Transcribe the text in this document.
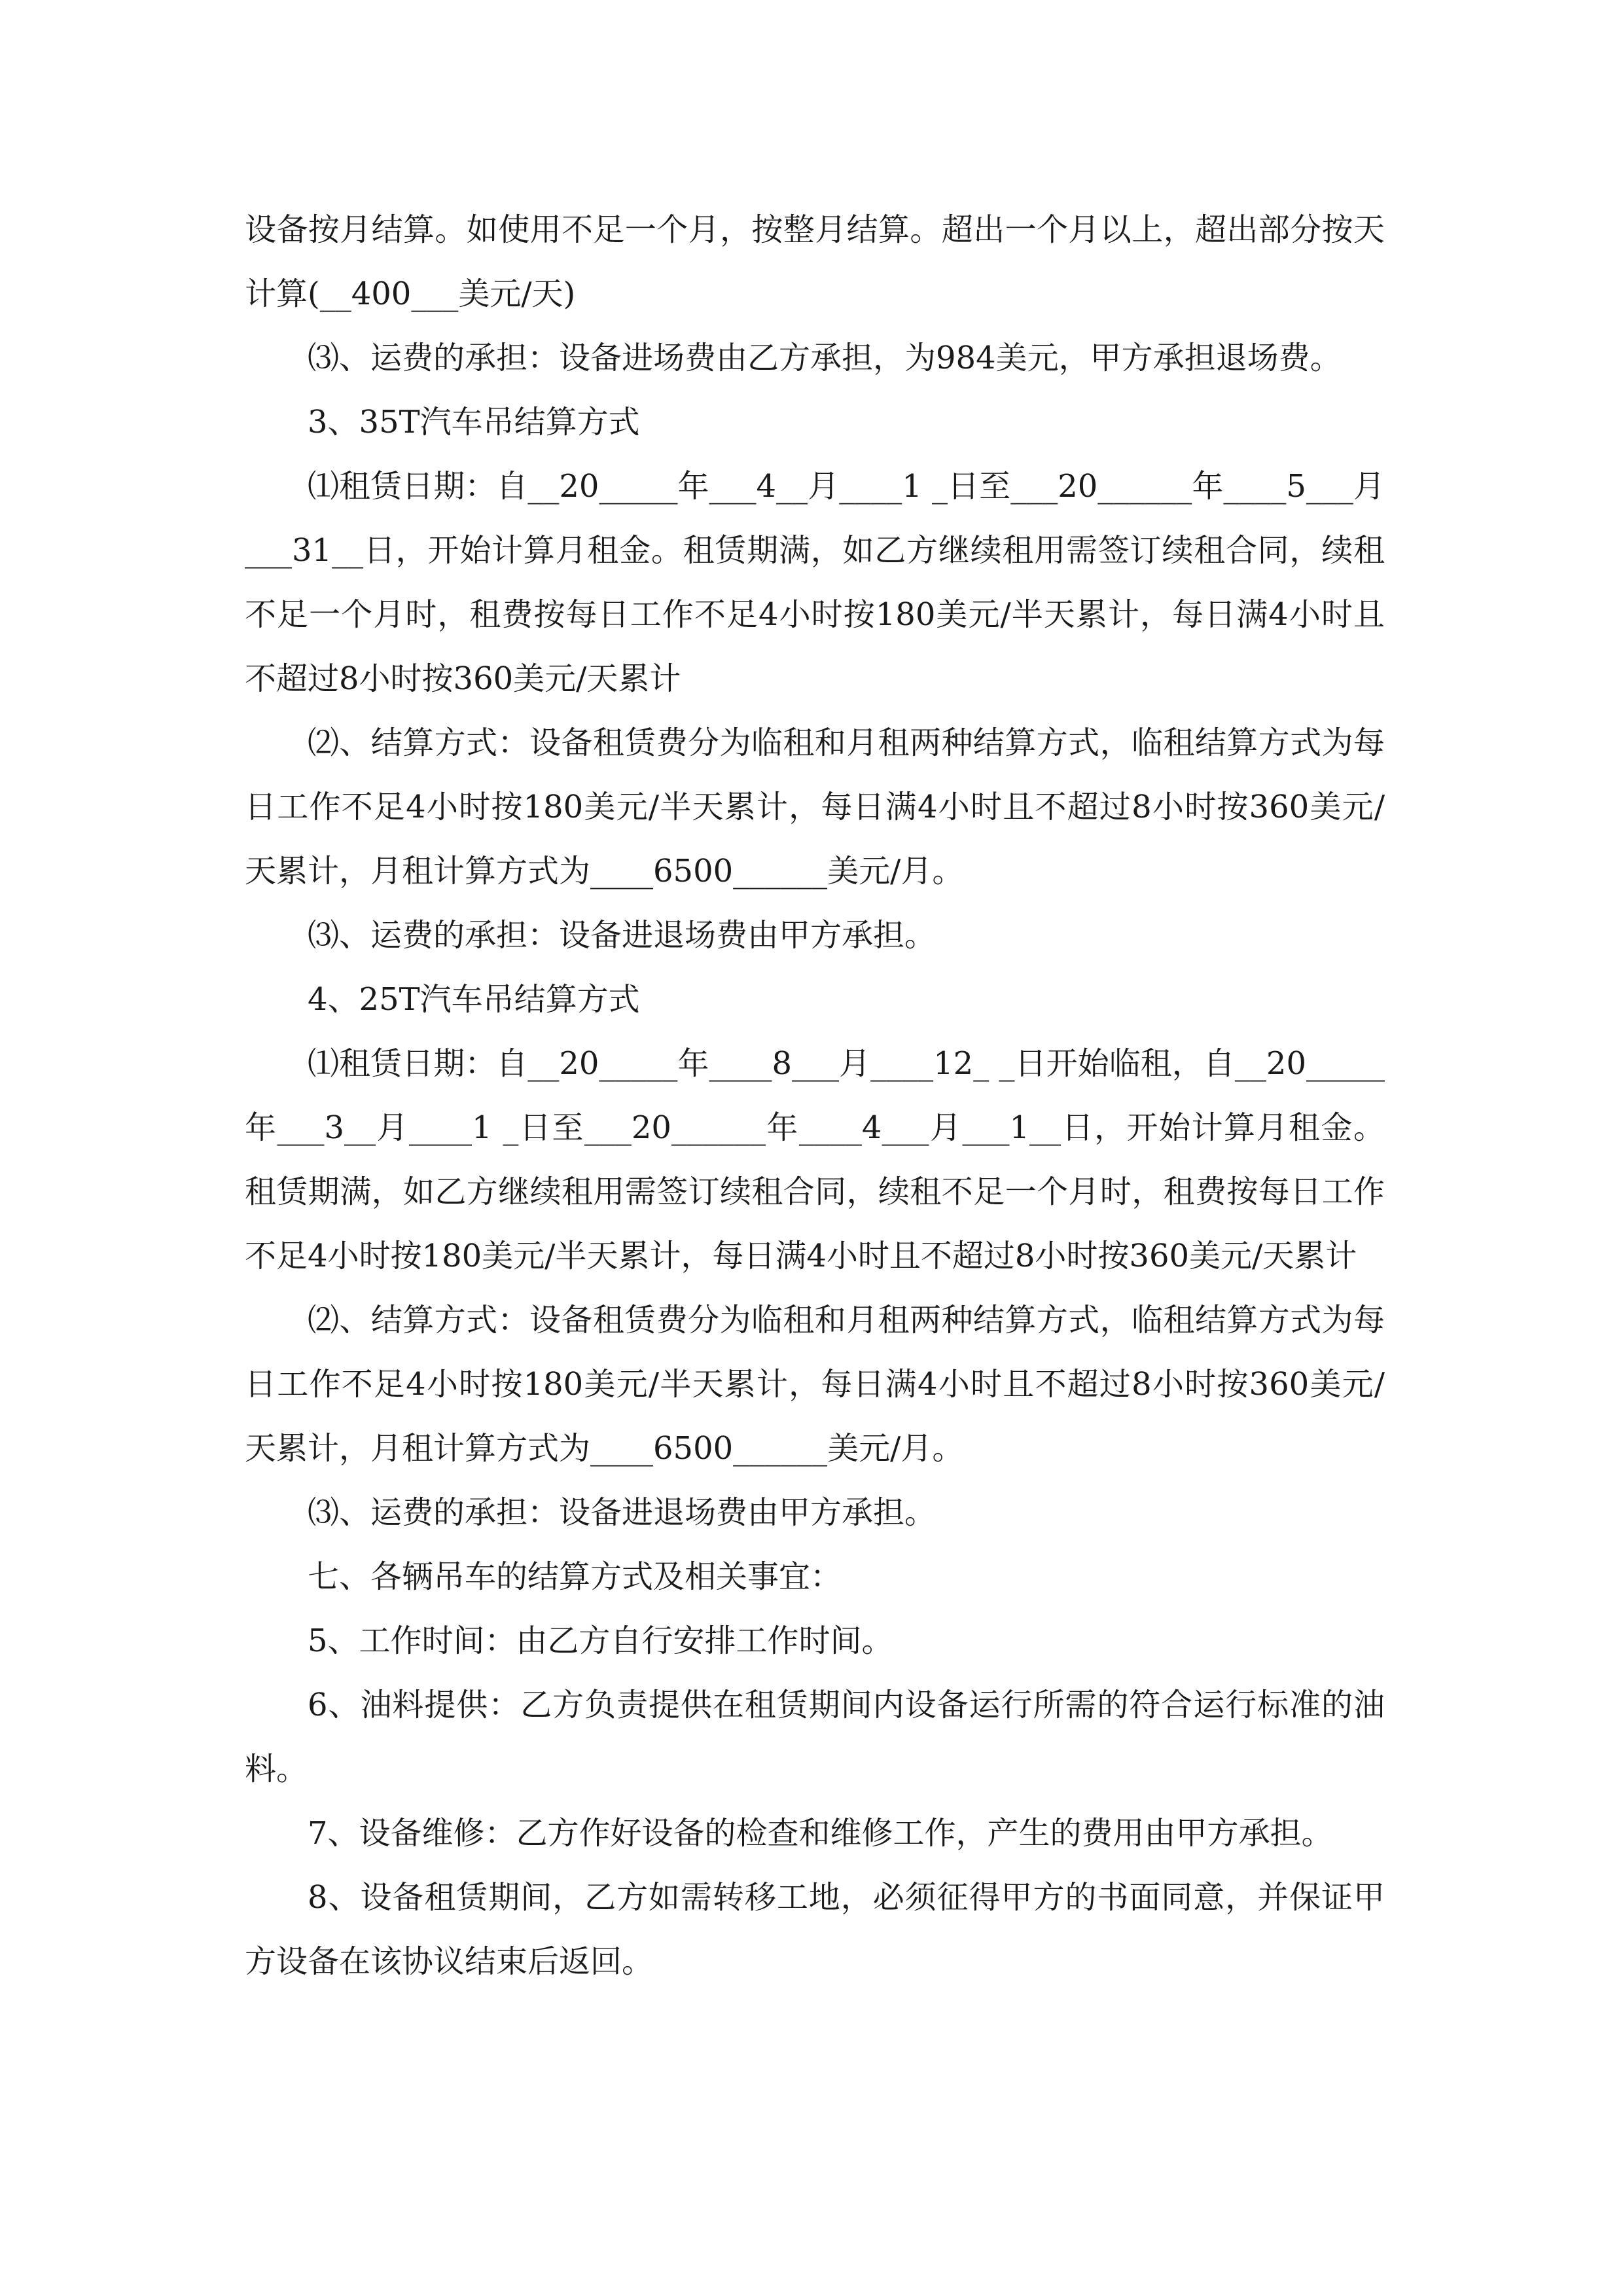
设备按月结算。如使用不足一个月，按整月结算。超出一个月以上，超出部分按天计算(__400___美元/天)

⑶、运费的承担：设备进场费由乙方承担，为984美元，甲方承担退场费。

3、35T汽车吊结算方式

⑴租赁日期：自__20_____年___4__月____1 _日至___20______年____5___月___31__日，开始计算月租金。租赁期满，如乙方继续租用需签订续租合同，续租不足一个月时，租费按每日工作不足4小时按180美元/半天累计，每日满4小时且不超过8小时按360美元/天累计

⑵、结算方式：设备租赁费分为临租和月租两种结算方式，临租结算方式为每日工作不足4小时按180美元/半天累计，每日满4小时且不超过8小时按360美元/天累计，月租计算方式为____6500______美元/月。

⑶、运费的承担：设备进退场费由甲方承担。

4、25T汽车吊结算方式

⑴租赁日期：自__20_____年____8___月____12_ _日开始临租，自__20_____年___3__月____1 _日至___20______年____4___月___1__日，开始计算月租金。租赁期满，如乙方继续租用需签订续租合同，续租不足一个月时，租费按每日工作不足4小时按180美元/半天累计，每日满4小时且不超过8小时按360美元/天累计

⑵、结算方式：设备租赁费分为临租和月租两种结算方式，临租结算方式为每日工作不足4小时按180美元/半天累计，每日满4小时且不超过8小时按360美元/天累计，月租计算方式为____6500______美元/月。

⑶、运费的承担：设备进退场费由甲方承担。

七、各辆吊车的结算方式及相关事宜：

5、工作时间：由乙方自行安排工作时间。

6、油料提供：乙方负责提供在租赁期间内设备运行所需的符合运行标准的油料。

7、设备维修：乙方作好设备的检查和维修工作，产生的费用由甲方承担。

8、设备租赁期间，乙方如需转移工地，必须征得甲方的书面同意，并保证甲方设备在该协议结束后返回。
